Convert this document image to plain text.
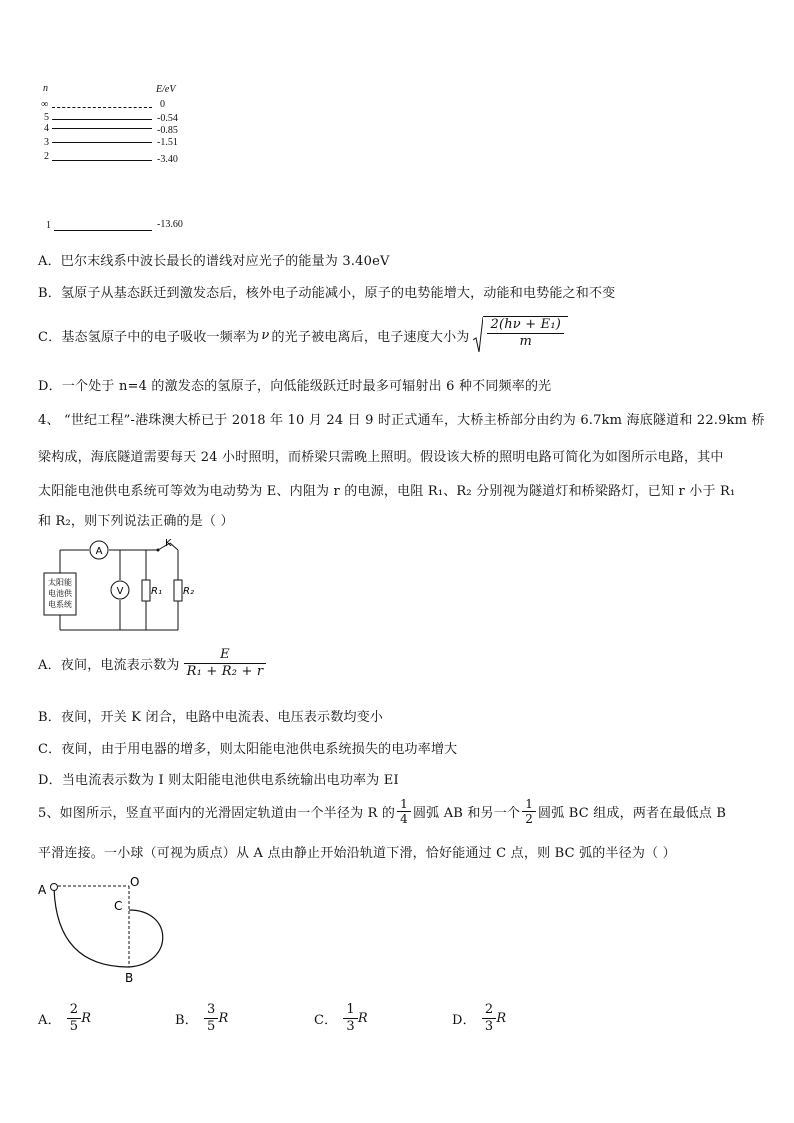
n	E/eV
∞	0
5	-0.54
4	-0.85
3	-1.51
2	-3.40
1	-13.60
A．巴尔末线系中波长最长的谱线对应光子的能量为 3.40eV
B．氢原子从基态跃迁到激发态后，核外电子动能减小，原子的电势能增大，动能和电势能之和不变
C．基态氢原子中的电子吸收一频率为 ν 的光子被电离后，电子速度大小为 $\frac{\text{2(hν + E₁)}}{m}$
D．一个处于 n=4 的激发态的氢原子，向低能级跃迁时最多可辐射出 6 种不同频率的光
4、 “世纪工程”-港珠澳大桥已于 2018 年 10 月 24 日 9 时正式通车，大桥主桥部分由约为 6.7km 海底隧道和 22.9km 桥
梁构成，海底隧道需要每天 24 小时照明，而桥梁只需晚上照明。假设该大桥的照明电路可简化为如图所示电路，其中
太阳能电池供电系统可等效为电动势为 E、内阻为 r 的电源，电阻 R₁、R₂ 分别视为隧道灯和桥梁路灯，已知 r 小于 R₁
和 R₂，则下列说法正确的是（ ）
太阳能
电池供
电系统
A
V
K
R₁ R₂
A．夜间，电流表示数为 $\frac{E}{\text{R₁ + R₂ + r}}$
B．夜间，开关 K 闭合，电路中电流表、电压表示数均变小
C．夜间，由于用电器的增多，则太阳能电池供电系统损失的电功率增大
D．当电流表示数为 I 则太阳能电池供电系统输出电功率为 EI
5、如图所示，竖直平面内的光滑固定轨道由一个半径为 R 的 $\frac{1}{4}$ 圆弧 AB 和另一个 $\frac{1}{2}$ 圆弧 BC 组成，两者在最低点 B
平滑连接。一小球（可视为质点）从 A 点由静止开始沿轨道下滑，恰好能通过 C 点，则 BC 弧的半径为（ ）
A
O
C
B
A． $\frac{2}{5}$ R	B． $\frac{3}{5}$ R	C． $\frac{1}{3}$ R	D． $\frac{2}{3}$ R
